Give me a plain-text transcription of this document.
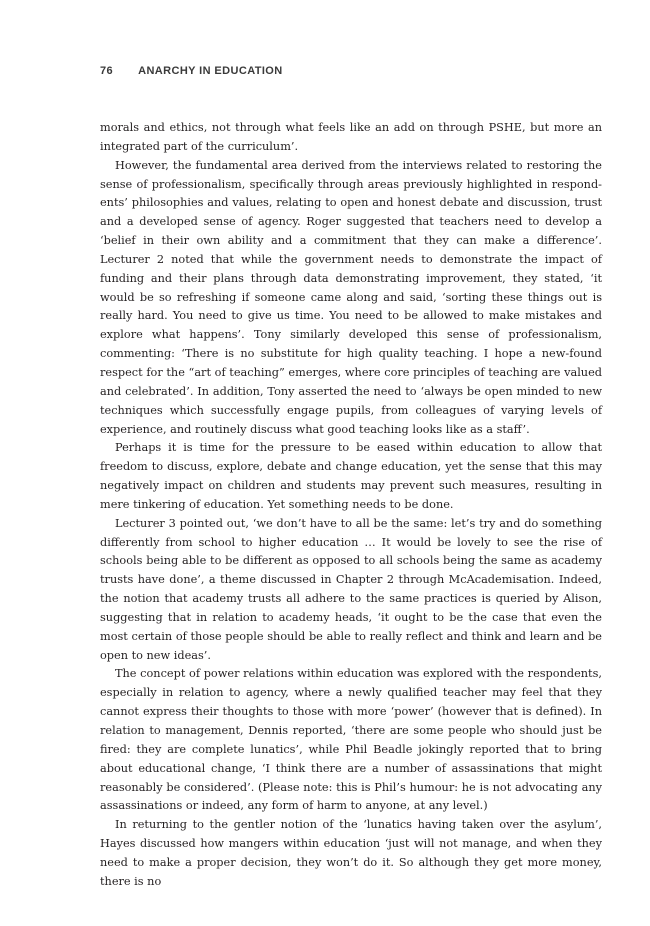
76 ANARCHY IN EDUCATION

morals and ethics, not through what feels like an add on through PSHE, but more an integrated part of the curriculum’.

However, the fundamental area derived from the interviews related to restoring the sense of professionalism, specifically through areas previously highlighted in respondents’ philosophies and values, relating to open and honest debate and discussion, trust and a developed sense of agency. Roger suggested that teachers need to develop a ‘belief in their own ability and a commitment that they can make a difference’. Lecturer 2 noted that while the government needs to demonstrate the impact of funding and their plans through data demonstrating improvement, they stated, ‘it would be so refreshing if someone came along and said, ‘sorting these things out is really hard. You need to give us time. You need to be allowed to make mistakes and explore what happens’. Tony similarly developed this sense of professionalism, commenting: ‘There is no substitute for high quality teaching. I hope a new-found respect for the “art of teaching” emerges, where core principles of teaching are valued and celebrated’. In addition, Tony asserted the need to ‘always be open minded to new techniques which successfully engage pupils, from colleagues of varying levels of experience, and routinely discuss what good teaching looks like as a staff’.

Perhaps it is time for the pressure to be eased within education to allow that freedom to discuss, explore, debate and change education, yet the sense that this may negatively impact on children and students may prevent such measures, resulting in mere tinkering of education. Yet something needs to be done.

Lecturer 3 pointed out, ‘we don’t have to all be the same: let’s try and do something differently from school to higher education … It would be lovely to see the rise of schools being able to be different as opposed to all schools being the same as academy trusts have done’, a theme discussed in Chapter 2 through McAcademisation. Indeed, the notion that academy trusts all adhere to the same practices is queried by Alison, suggesting that in relation to academy heads, ‘it ought to be the case that even the most certain of those people should be able to really reflect and think and learn and be open to new ideas’.

The concept of power relations within education was explored with the respondents, especially in relation to agency, where a newly qualified teacher may feel that they cannot express their thoughts to those with more ‘power’ (however that is defined). In relation to management, Dennis reported, ‘there are some people who should just be fired: they are complete lunatics’, while Phil Beadle jokingly reported that to bring about educational change, ‘I think there are a number of assassinations that might reasonably be considered’. (Please note: this is Phil’s humour: he is not advocating any assassinations or indeed, any form of harm to anyone, at any level.)

In returning to the gentler notion of the ‘lunatics having taken over the asylum’, Hayes discussed how mangers within education ‘just will not manage, and when they need to make a proper decision, they won’t do it. So although they get more money, there is no
